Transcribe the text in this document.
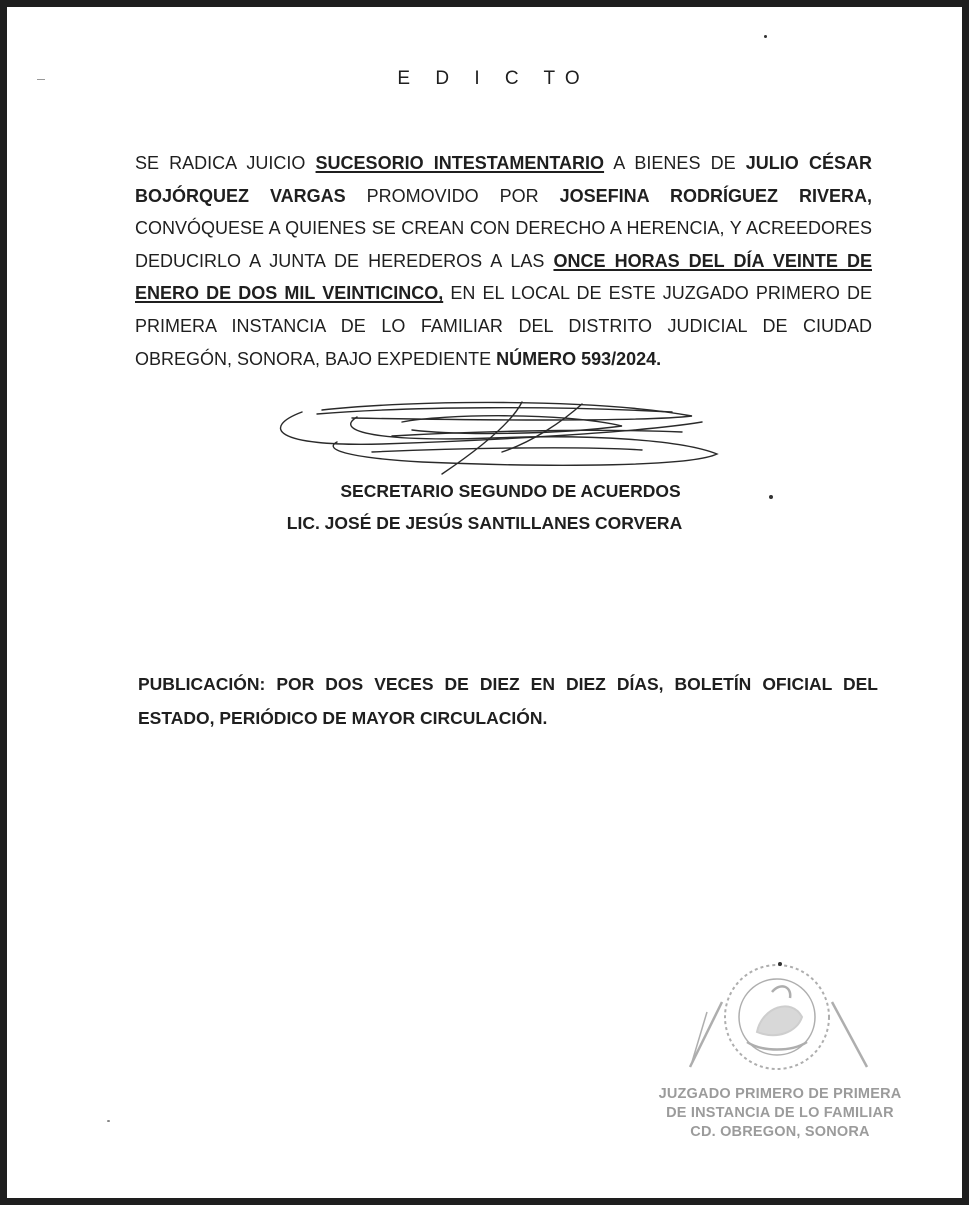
E D I C TO
SE RADICA JUICIO SUCESORIO INTESTAMENTARIO A BIENES DE JULIO CÉSAR BOJÓRQUEZ VARGAS PROMOVIDO POR JOSEFINA RODRÍGUEZ RIVERA, CONVÓQUESE A QUIENES SE CREAN CON DERECHO A HERENCIA, Y ACREEDORES DEDUCIRLO A JUNTA DE HEREDEROS A LAS ONCE HORAS DEL DÍA VEINTE DE ENERO DE DOS MIL VEINTICINCO, EN EL LOCAL DE ESTE JUZGADO PRIMERO DE PRIMERA INSTANCIA DE LO FAMILIAR DEL DISTRITO JUDICIAL DE CIUDAD OBREGÓN, SONORA, BAJO EXPEDIENTE NÚMERO 593/2024.
SECRETARIO SEGUNDO DE ACUERDOS
LIC. JOSÉ DE JESÚS SANTILLANES CORVERA
PUBLICACIÓN: POR DOS VECES DE DIEZ EN DIEZ DÍAS, BOLETÍN OFICIAL DEL ESTADO, PERIÓDICO DE MAYOR CIRCULACIÓN.
JUZGADO PRIMERO DE PRIMERA
DE INSTANCIA DE LO FAMILIAR
CD. OBREGON, SONORA
